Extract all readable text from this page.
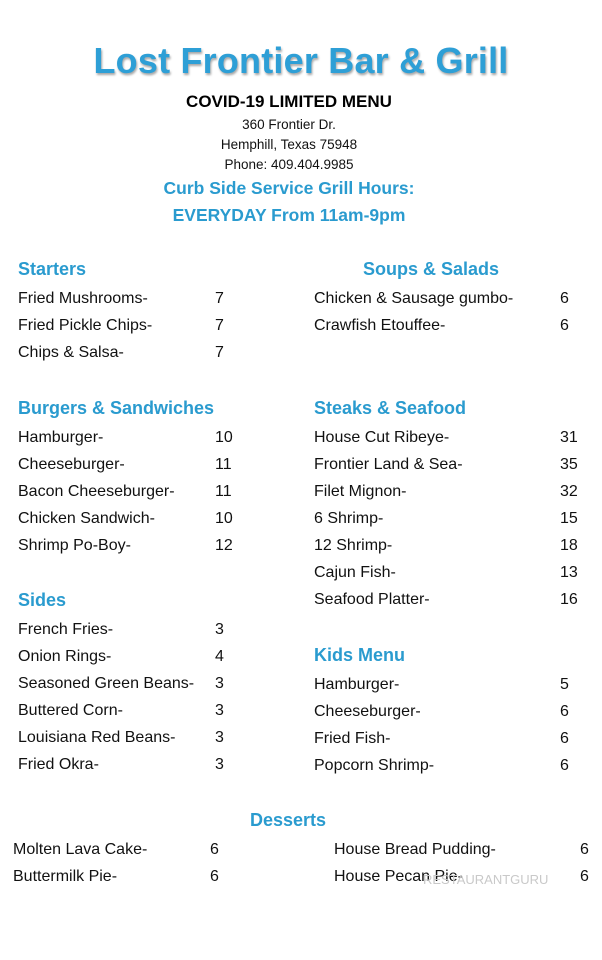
Lost Frontier Bar & Grill
COVID-19 LIMITED MENU
360 Frontier Dr.
Hemphill, Texas 75948
Phone: 409.404.9985
Curb Side Service Grill Hours:
EVERYDAY From 11am-9pm
Starters
Fried Mushrooms-	7
Fried Pickle Chips-	7
Chips & Salsa-	7
Burgers & Sandwiches
Hamburger-	10
Cheeseburger-	11
Bacon Cheeseburger-	11
Chicken Sandwich-	10
Shrimp Po-Boy-	12
Sides
French Fries-	3
Onion Rings-	4
Seasoned Green Beans- 3
Buttered Corn-	3
Louisiana Red Beans- 3
Fried Okra-	3
Soups & Salads
Chicken & Sausage gumbo-	6
Crawfish Etouffee-	6
Steaks & Seafood
House Cut Ribeye-	31
Frontier Land & Sea-	35
Filet Mignon-	32
6 Shrimp-	15
12 Shrimp-	18
Cajun Fish-	13
Seafood Platter-	16
Kids Menu
Hamburger-	5
Cheeseburger-	6
Fried Fish-	6
Popcorn Shrimp-	6
Desserts
Molten Lava Cake-	6
Buttermilk Pie-	6
House Bread Pudding-	6
House Pecan Pie-	6
RESTAURANTGURU
